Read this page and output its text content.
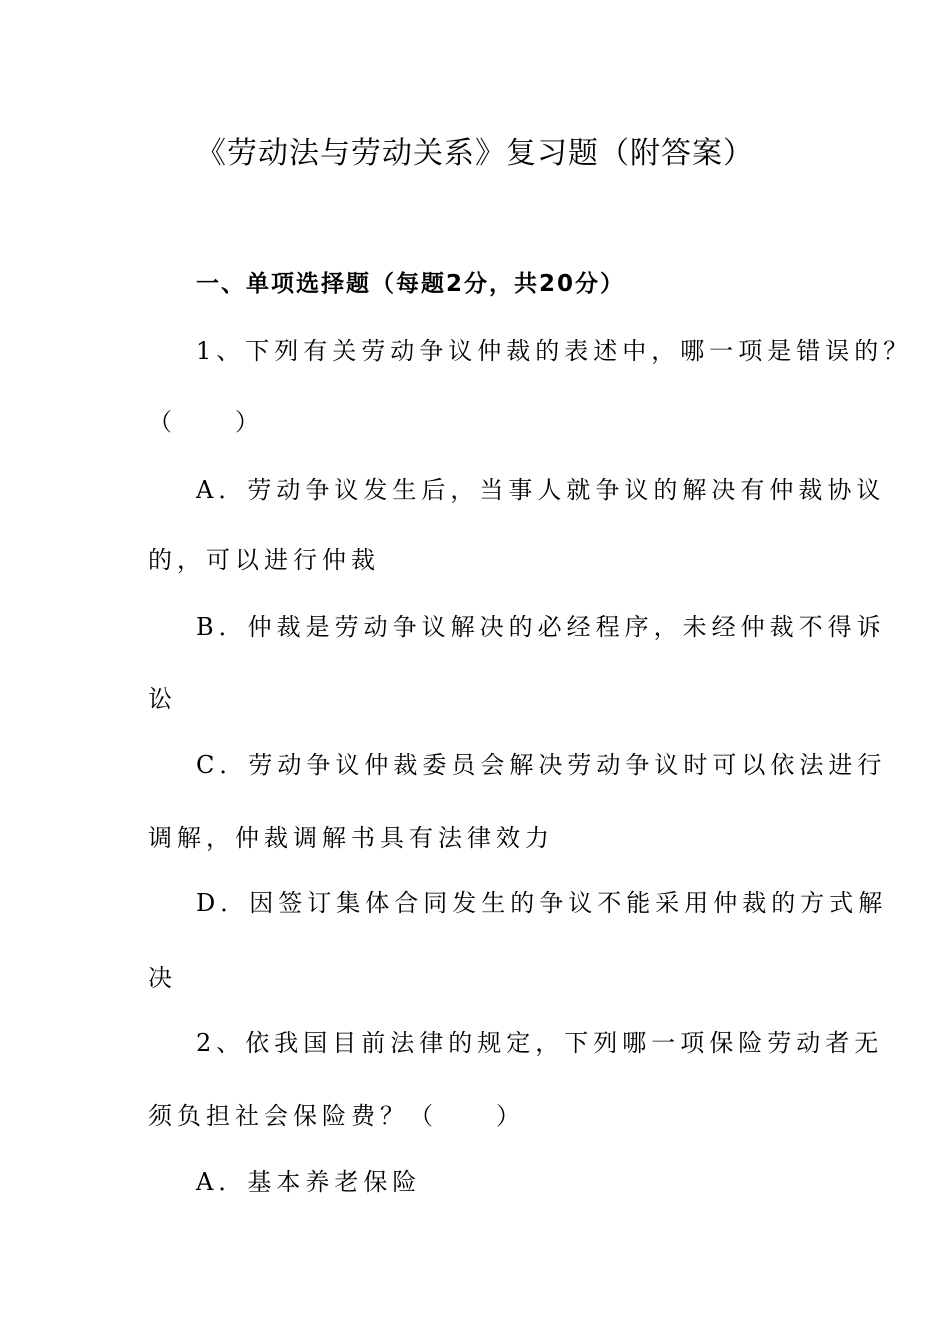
《劳动法与劳动关系》复习题（附答案）
一、单项选择题（每题2分，共20分）
1、下列有关劳动争议仲裁的表述中，哪一项是错误的？
（　　）
A．劳动争议发生后，当事人就争议的解决有仲裁协议
的，可以进行仲裁
B．仲裁是劳动争议解决的必经程序，未经仲裁不得诉
讼
C．劳动争议仲裁委员会解决劳动争议时可以依法进行
调解，仲裁调解书具有法律效力
D．因签订集体合同发生的争议不能采用仲裁的方式解
决
2、依我国目前法律的规定，下列哪一项保险劳动者无
须负担社会保险费？（　　）
A．基本养老保险
